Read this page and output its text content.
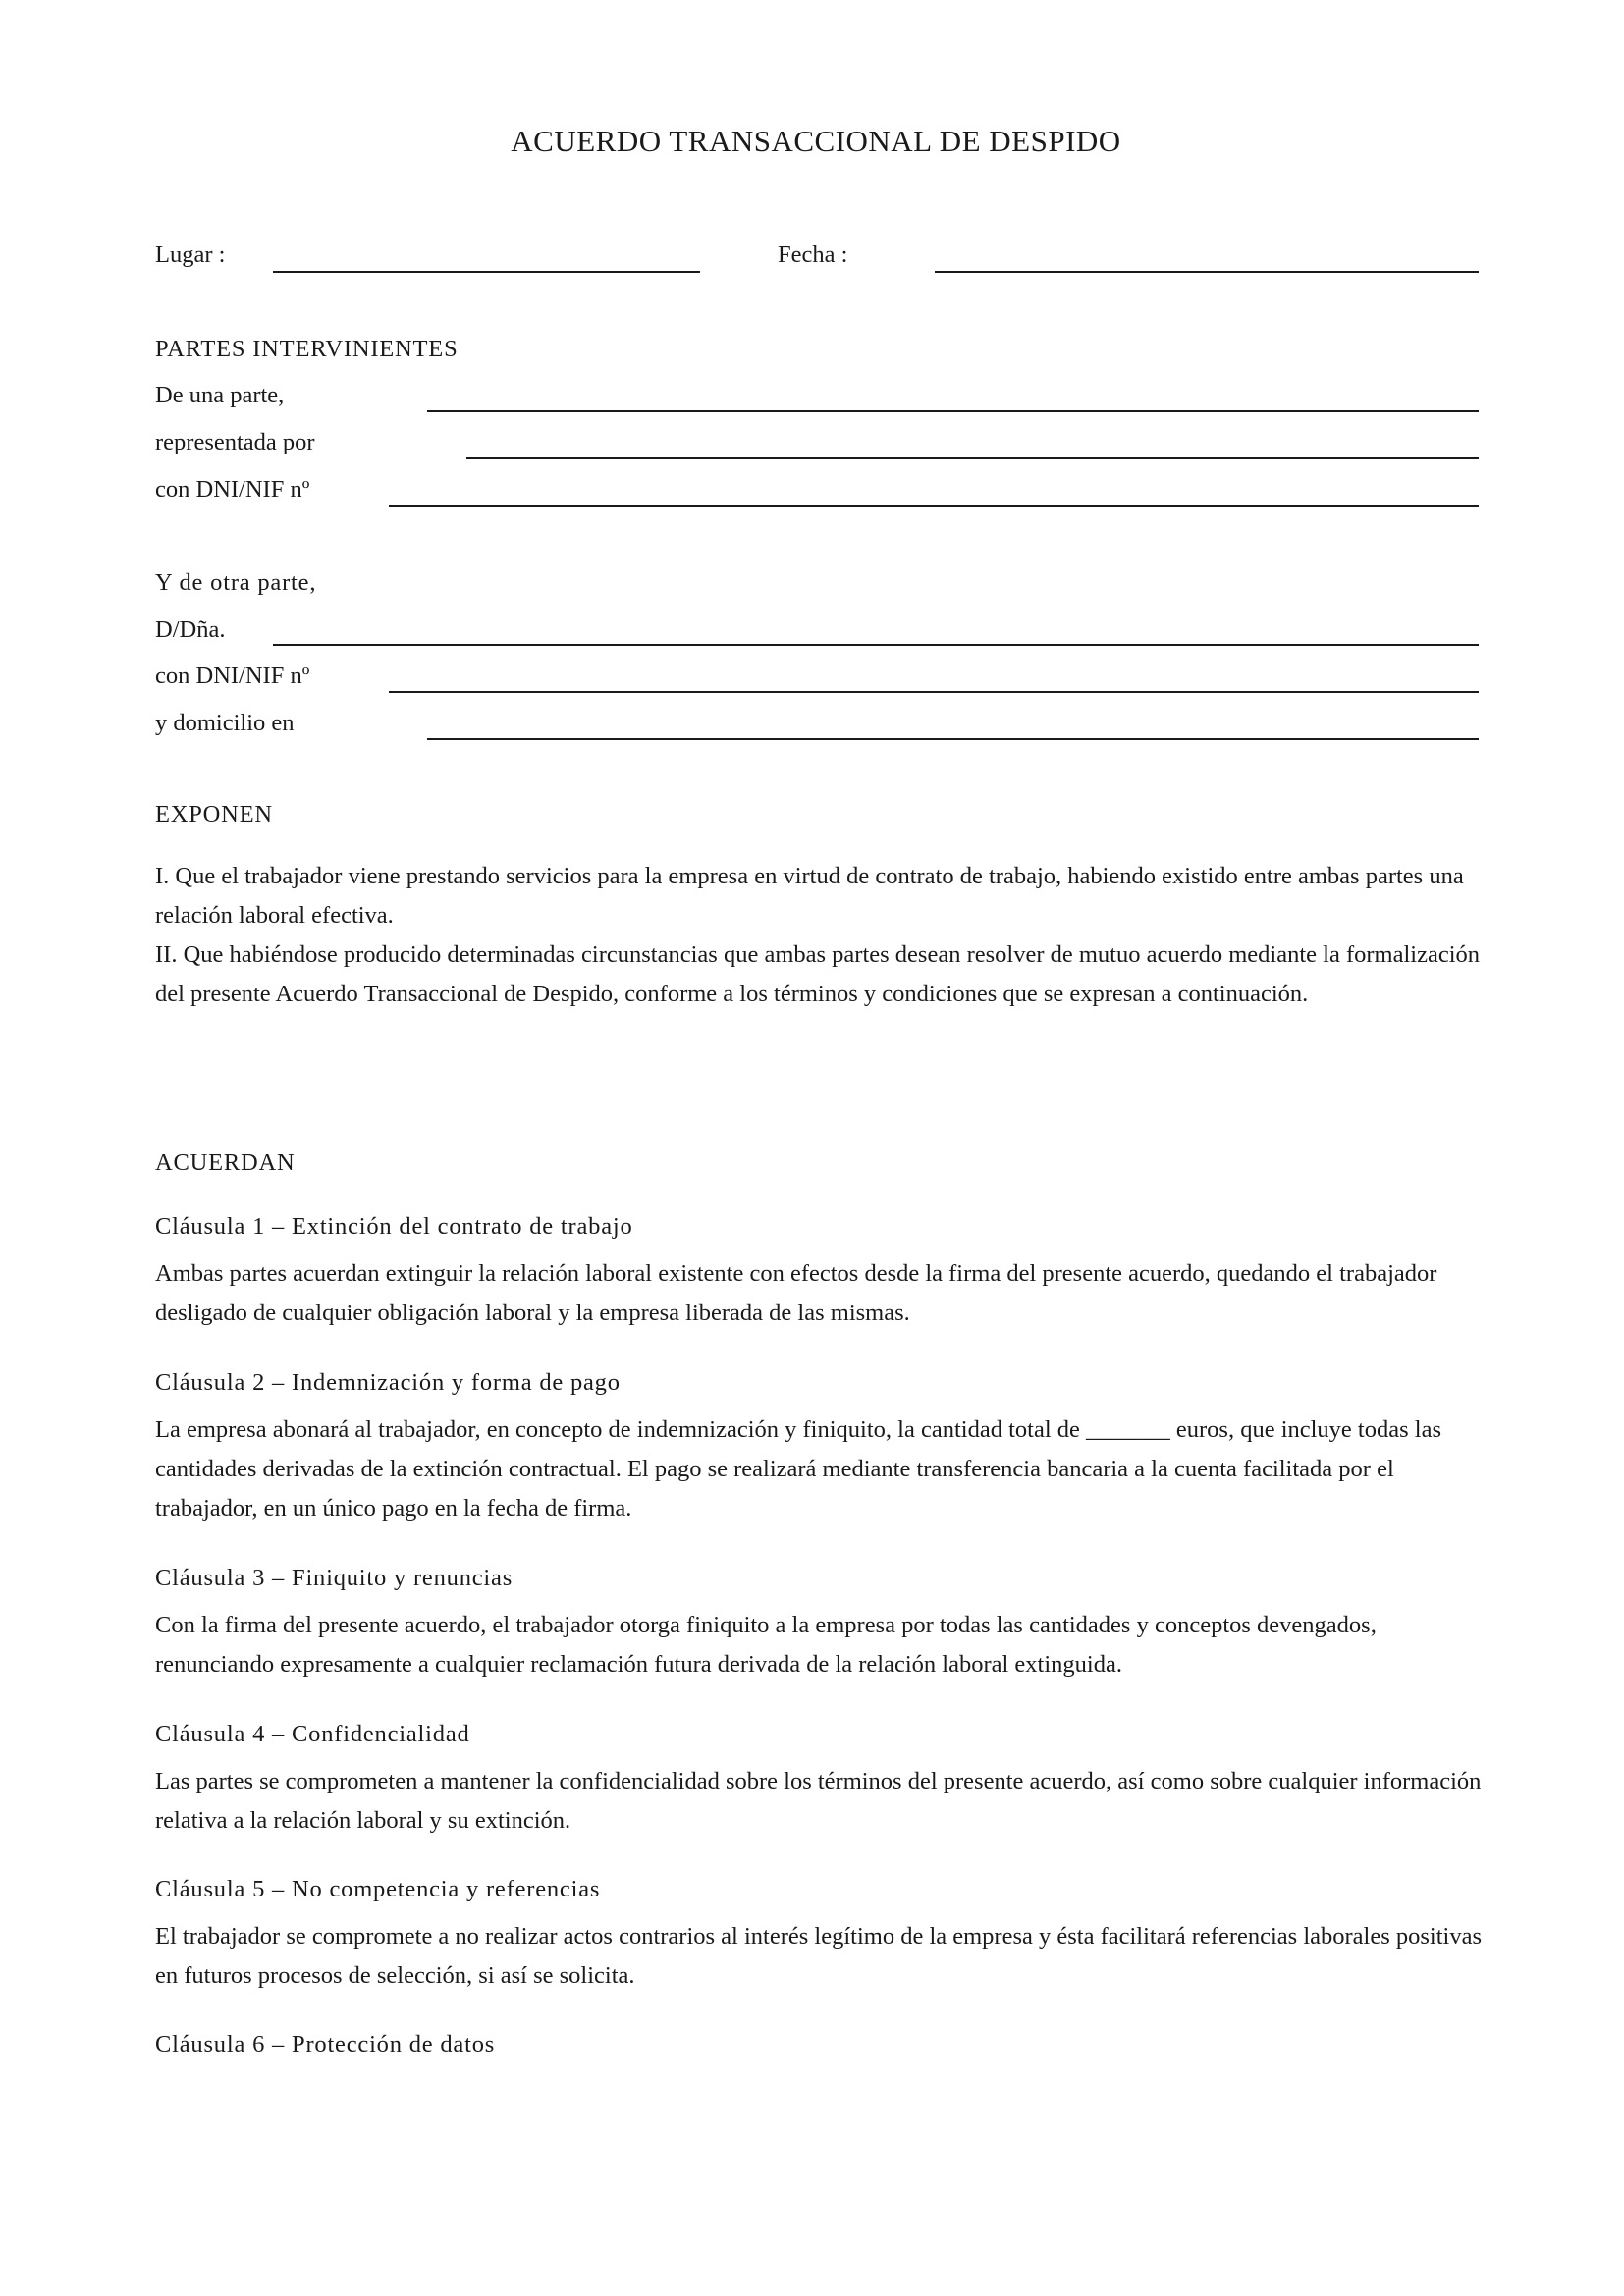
ACUERDO TRANSACCIONAL DE DESPIDO
Lugar :	Fecha :
PARTES INTERVINIENTES
De una parte,
representada por
con DNI/NIF nº
Y de otra parte,
D/Dña.
con DNI/NIF nº
y domicilio en
EXPONEN

I. Que el trabajador viene prestando servicios para la empresa en virtud de contrato de trabajo, habiendo existido entre ambas partes una relación laboral efectiva.

II. Que habiéndose producido determinadas circunstancias que ambas partes desean resolver de mutuo acuerdo mediante la formalización del presente Acuerdo Transaccional de Despido, conforme a los términos y condiciones que se expresan a continuación.

ACUERDAN
Cláusula 1 – Extinción del contrato de trabajo
Ambas partes acuerdan extinguir la relación laboral existente con efectos desde la firma del presente acuerdo, quedando el trabajador desligado de cualquier obligación laboral y la empresa liberada de las mismas.
Cláusula 2 – Indemnización y forma de pago
La empresa abonará al trabajador, en concepto de indemnización y finiquito, la cantidad total de _______ euros, que incluye todas las cantidades derivadas de la extinción contractual. El pago se realizará mediante transferencia bancaria a la cuenta facilitada por el trabajador, en un único pago en la fecha de firma.
Cláusula 3 – Finiquito y renuncias
Con la firma del presente acuerdo, el trabajador otorga finiquito a la empresa por todas las cantidades y conceptos devengados, renunciando expresamente a cualquier reclamación futura derivada de la relación laboral extinguida.
Cláusula 4 – Confidencialidad
Las partes se comprometen a mantener la confidencialidad sobre los términos del presente acuerdo, así como sobre cualquier información relativa a la relación laboral y su extinción.
Cláusula 5 – No competencia y referencias
El trabajador se compromete a no realizar actos contrarios al interés legítimo de la empresa y ésta facilitará referencias laborales positivas en futuros procesos de selección, si así se solicita.
Cláusula 6 – Protección de datos
